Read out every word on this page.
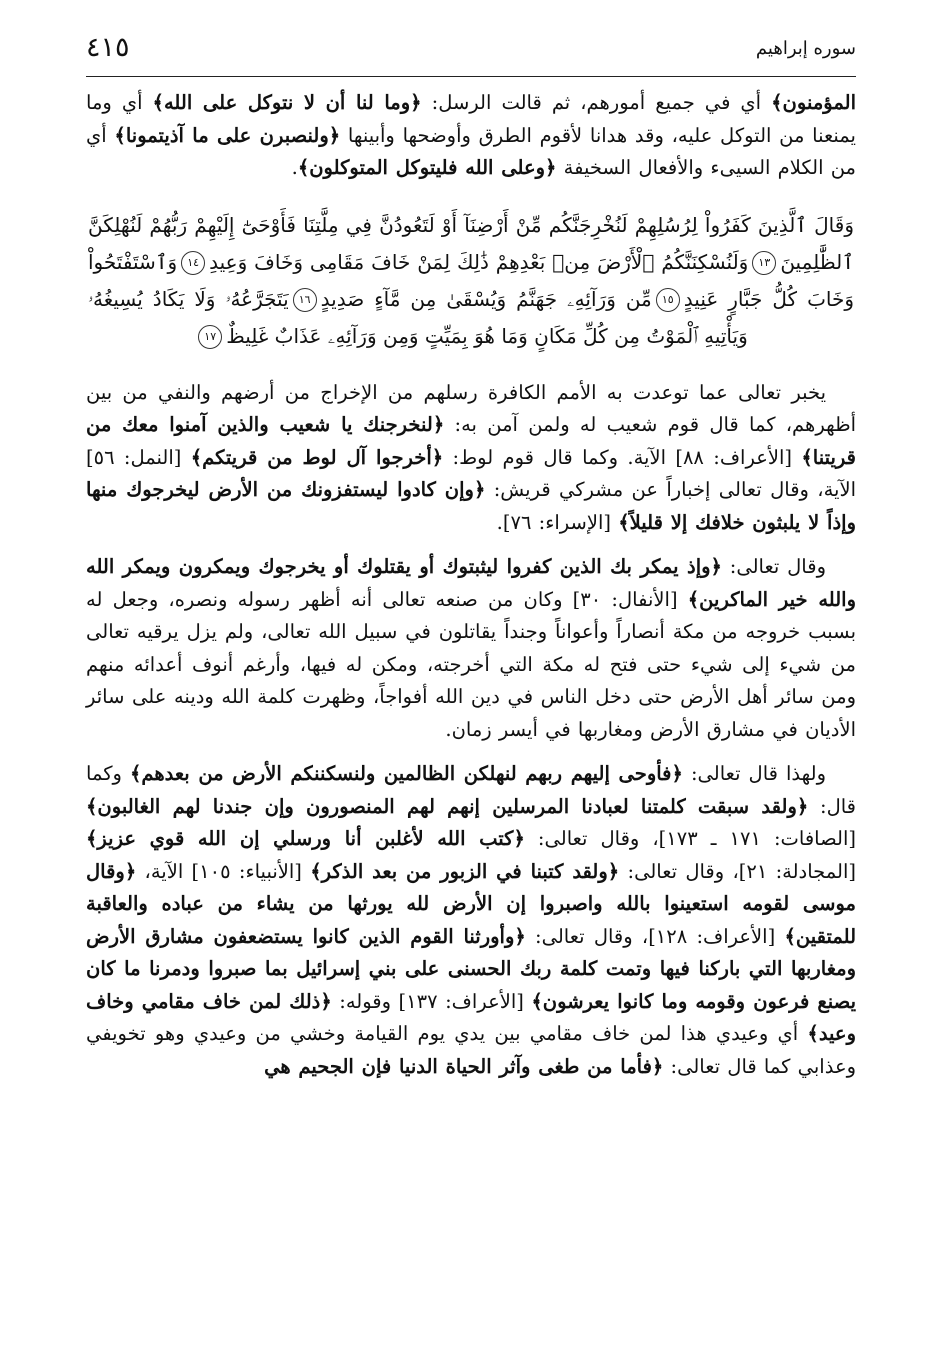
سوره إبراهيم
٤١٥

المؤمنون﴾ أي في جميع أمورهم، ثم قالت الرسل: ﴿وما لنا أن لا نتوكل على الله﴾ أي وما يمنعنا من التوكل عليه، وقد هدانا لأقوم الطرق وأوضحها وأبينها ﴿ولنصبرن على ما آذيتمونا﴾ أي من الكلام السيىء والأفعال السخيفة ﴿وعلى الله فليتوكل المتوكلون﴾.

وَقَالَ ٱلَّذِينَ كَفَرُواْ لِرُسُلِهِمْ لَنُخْرِجَنَّكُم مِّنْ أَرْضِنَآ أَوْ لَتَعُودُنَّ فِي مِلَّتِنَا فَأَوْحَىٰٓ إِلَيْهِمْ رَبُّهُمْ لَنُهْلِكَنَّ ٱلظَّٰلِمِينَ١٣وَلَنُسْكِنَنَّكُمُ ٱلْأَرْضَ مِنۢ بَعْدِهِمْ ذَٰلِكَ لِمَنْ خَافَ مَقَامِى وَخَافَ وَعِيدِ١٤وَٱسْتَفْتَحُواْ وَخَابَ كُلُّ جَبَّارٍ عَنِيدٍ١٥مِّن وَرَآئِهِۦ جَهَنَّمُ وَيُسْقَىٰ مِن مَّآءٍ صَدِيدٍ١٦يَتَجَرَّعُهُۥ وَلَا يَكَادُ يُسِيغُهُۥ وَيَأْتِيهِ ٱلْمَوْتُ مِن كُلِّ مَكَانٍ وَمَا هُوَ بِمَيِّتٍ وَمِن وَرَآئِهِۦ عَذَابٌ غَلِيظٌ١٧

يخبر تعالى عما توعدت به الأمم الكافرة رسلهم من الإخراج من أرضهم والنفي من بين أظهرهم، كما قال قوم شعيب له ولمن آمن به: ﴿لنخرجنك يا شعيب والذين آمنوا معك من قريتنا﴾ [الأعراف: ٨٨] الآية. وكما قال قوم لوط: ﴿أخرجوا آل لوط من قريتكم﴾ [النمل: ٥٦] الآية، وقال تعالى إخباراً عن مشركي قريش: ﴿وإن كادوا ليستفزونك من الأرض ليخرجوك منها وإذاً لا يلبثون خلافك إلا قليلاً﴾ [الإسراء: ٧٦].

وقال تعالى: ﴿وإذ يمكر بك الذين كفروا ليثبتوك أو يقتلوك أو يخرجوك ويمكرون ويمكر الله والله خير الماكرين﴾ [الأنفال: ٣٠] وكان من صنعه تعالى أنه أظهر رسوله ونصره، وجعل له بسبب خروجه من مكة أنصاراً وأعواناً وجنداً يقاتلون في سبيل الله تعالى، ولم يزل يرقيه تعالى من شيء إلى شيء حتى فتح له مكة التي أخرجته، ومكن له فيها، وأرغم أنوف أعدائه منهم ومن سائر أهل الأرض حتى دخل الناس في دين الله أفواجاً، وظهرت كلمة الله ودينه على سائر الأديان في مشارق الأرض ومغاربها في أيسر زمان.

ولهذا قال تعالى: ﴿فأوحى إليهم ربهم لنهلكن الظالمين ولنسكننكم الأرض من بعدهم﴾ وكما قال: ﴿ولقد سبقت كلمتنا لعبادنا المرسلين إنهم لهم المنصورون وإن جندنا لهم الغالبون﴾ [الصافات: ١٧١ ـ ١٧٣]، وقال تعالى: ﴿كتب الله لأغلبن أنا ورسلي إن الله قوي عزيز﴾ [المجادلة: ٢١]، وقال تعالى: ﴿ولقد كتبنا في الزبور من بعد الذكر﴾ [الأنبياء: ١٠٥] الآية، ﴿وقال موسى لقومه استعينوا بالله واصبروا إن الأرض لله يورثها من يشاء من عباده والعاقبة للمتقين﴾ [الأعراف: ١٢٨]، وقال تعالى: ﴿وأورثنا القوم الذين كانوا يستضعفون مشارق الأرض ومغاربها التي باركنا فيها وتمت كلمة ربك الحسنى على بني إسرائيل بما صبروا ودمرنا ما كان يصنع فرعون وقومه وما كانوا يعرشون﴾ [الأعراف: ١٣٧] وقوله: ﴿ذلك لمن خاف مقامي وخاف وعيد﴾ أي وعيدي هذا لمن خاف مقامي بين يدي يوم القيامة وخشي من وعيدي وهو تخويفي وعذابي كما قال تعالى: ﴿فأما من طغى وآثر الحياة الدنيا فإن الجحيم هي
